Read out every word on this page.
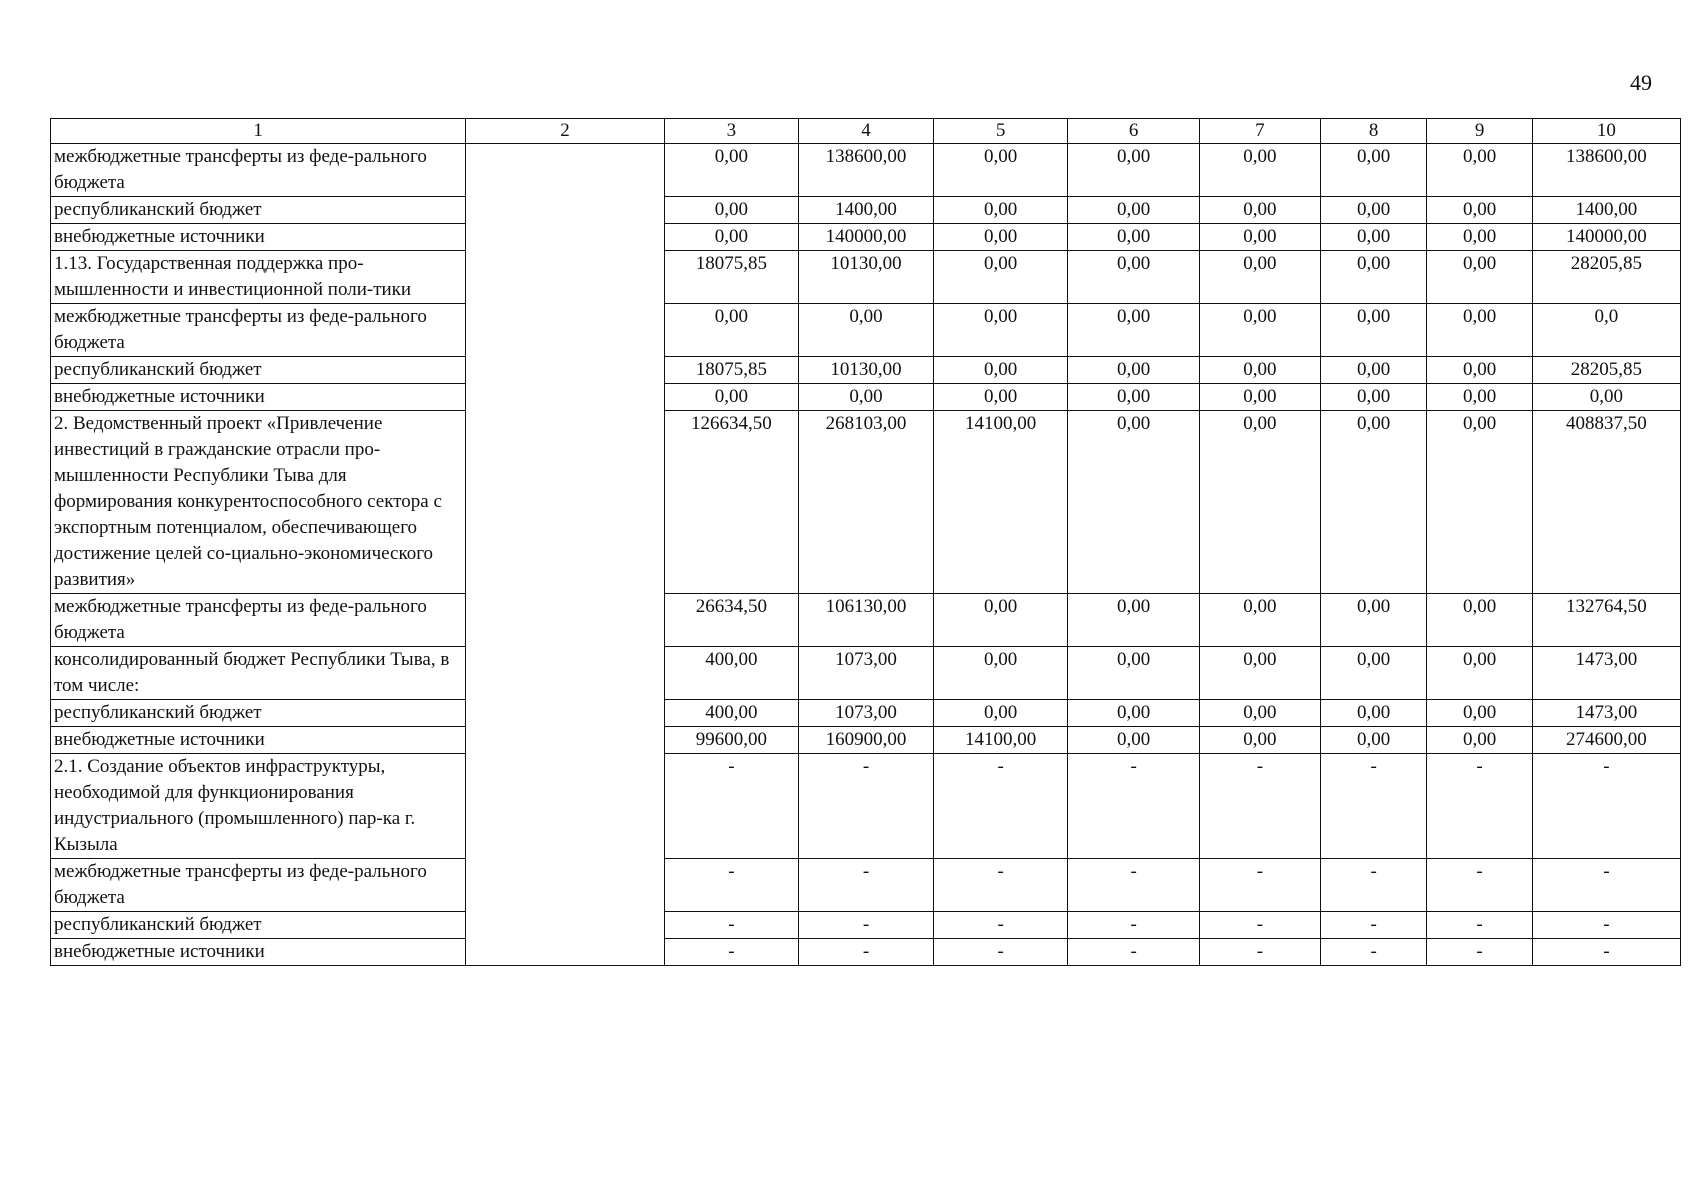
49
1	2	3	4	5	6	7	8	9	10
межбюджетные трансферты из феде-рального бюджета		0,00	138600,00	0,00	0,00	0,00	0,00	0,00	138600,00
республиканский бюджет		0,00	1400,00	0,00	0,00	0,00	0,00	0,00	1400,00
внебюджетные источники		0,00	140000,00	0,00	0,00	0,00	0,00	0,00	140000,00
1.13. Государственная поддержка про-мышленности и инвестиционной поли-тики		18075,85	10130,00	0,00	0,00	0,00	0,00	0,00	28205,85
межбюджетные трансферты из феде-рального бюджета		0,00	0,00	0,00	0,00	0,00	0,00	0,00	0,0
республиканский бюджет		18075,85	10130,00	0,00	0,00	0,00	0,00	0,00	28205,85
внебюджетные источники		0,00	0,00	0,00	0,00	0,00	0,00	0,00	0,00
2. Ведомственный проект «Привлечение инвестиций в гражданские отрасли про-мышленности Республики Тыва для формирования конкурентоспособного сектора с экспортным потенциалом, обеспечивающего достижение целей со-циально-экономического развития»		126634,50	268103,00	14100,00	0,00	0,00	0,00	0,00	408837,50
межбюджетные трансферты из феде-рального бюджета		26634,50	106130,00	0,00	0,00	0,00	0,00	0,00	132764,50
консолидированный бюджет Республики Тыва, в том числе:		400,00	1073,00	0,00	0,00	0,00	0,00	0,00	1473,00
республиканский бюджет		400,00	1073,00	0,00	0,00	0,00	0,00	0,00	1473,00
внебюджетные источники		99600,00	160900,00	14100,00	0,00	0,00	0,00	0,00	274600,00
2.1. Создание объектов инфраструктуры, необходимой для функционирования индустриального (промышленного) пар-ка г. Кызыла		-	-	-	-	-	-	-	-
межбюджетные трансферты из феде-рального бюджета		-	-	-	-	-	-	-	-
республиканский бюджет		-	-	-	-	-	-	-	-
внебюджетные источники		-	-	-	-	-	-	-	-
